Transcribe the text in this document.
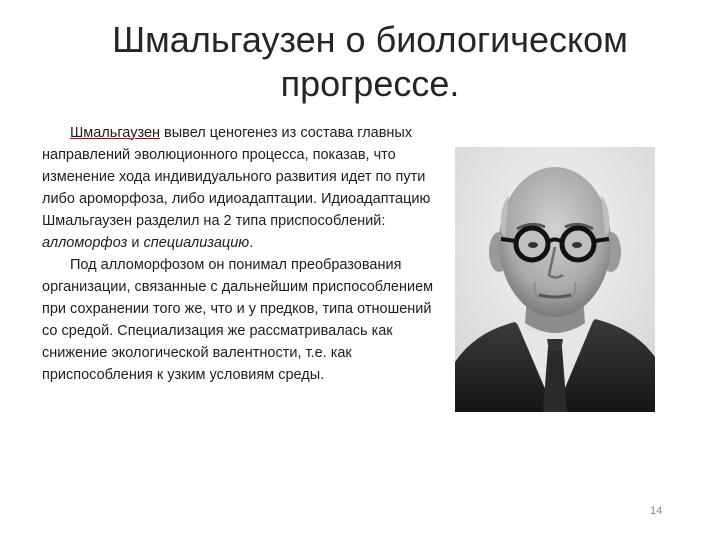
Шмальгаузен о биологическом
прогрессе.

Шмальгаузен вывел ценогенез из состава главных направлений эволюционного процесса, показав, что изменение хода индивидуального развития идет по пути либо ароморфоза, либо идиоадаптации. Идиоадаптацию Шмальгаузен разделил на 2 типа приспособлений: алломорфоз и специализацию.

Под алломорфозом он понимал преобразования организации, связанные с дальнейшим приспособлением при сохранении того же, что и у предков, типа отношений со средой. Специализация же рассматривалась как снижение экологической валентности, т.е. как приспособления к узким условиям среды.

14
